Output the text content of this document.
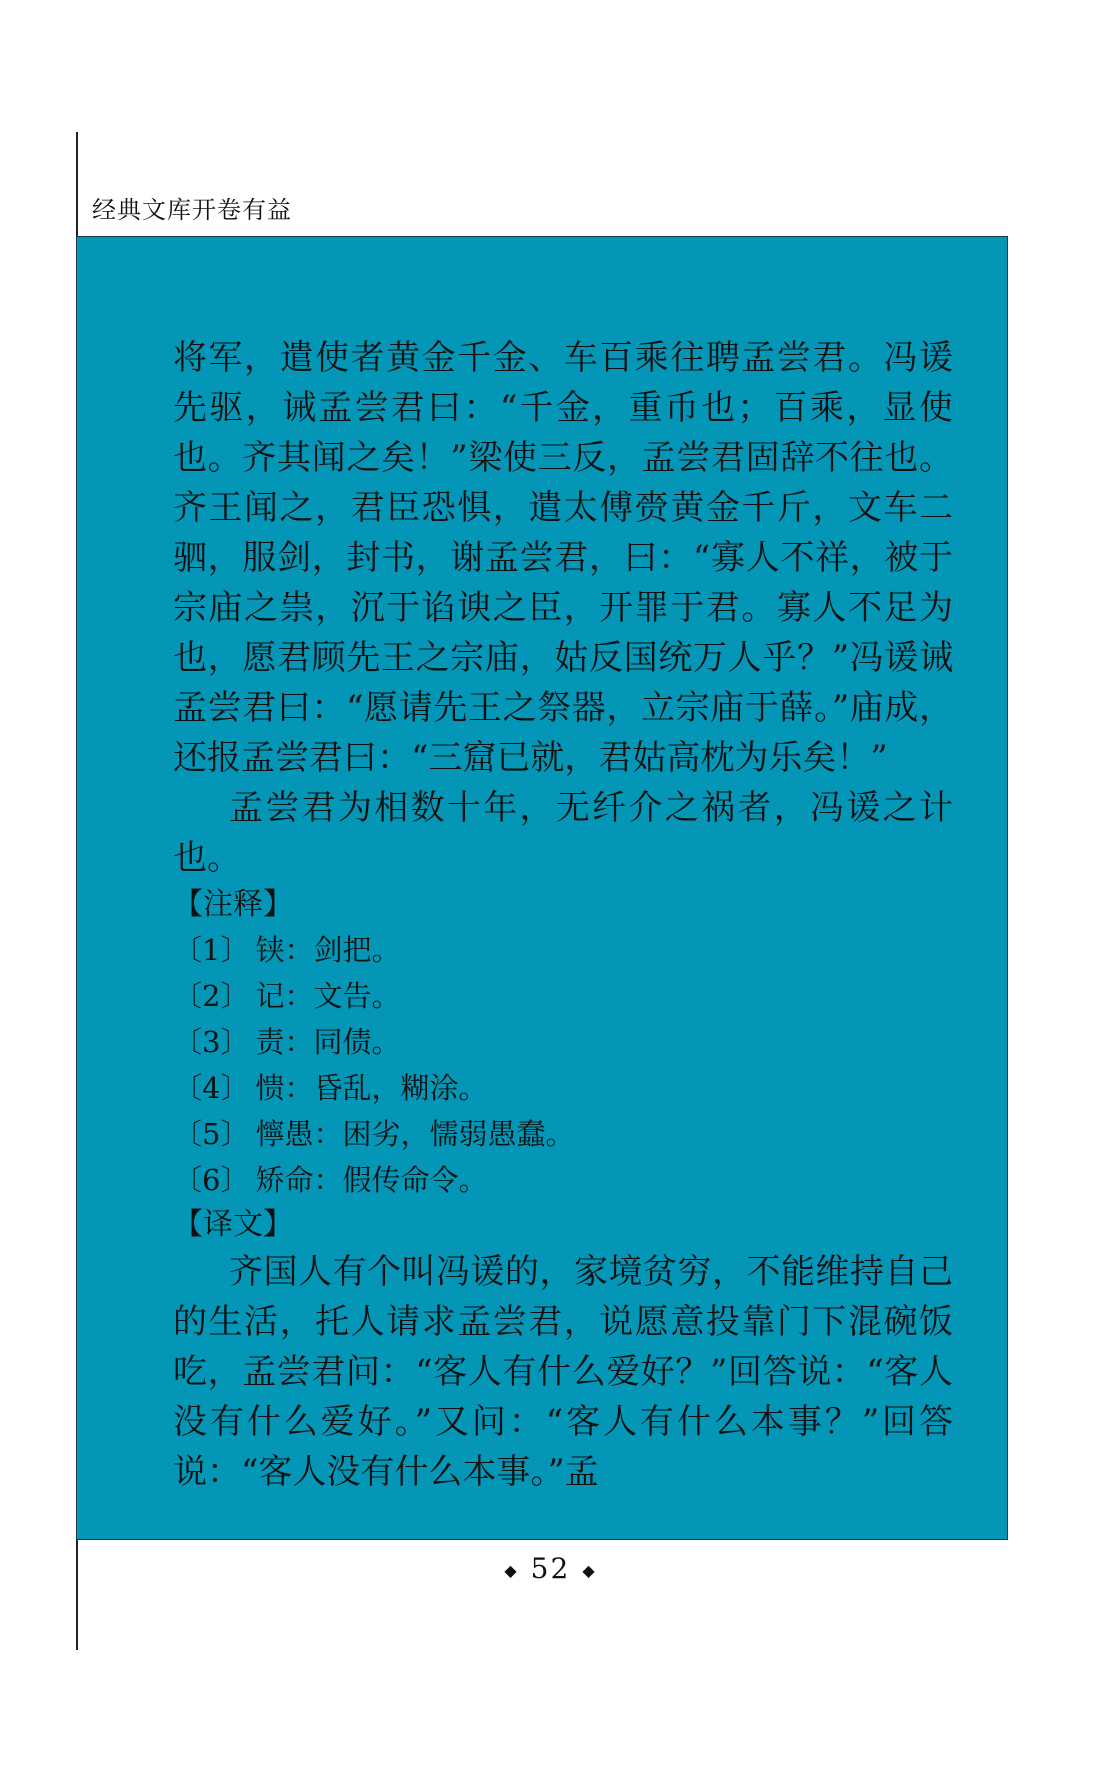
经典文库开卷有益

将军，遣使者黄金千金、车百乘往聘孟尝君。冯谖先驱，诫孟尝君曰：“千金，重币也；百乘，显使也。齐其闻之矣！”梁使三反，孟尝君固辞不往也。齐王闻之，君臣恐惧，遣太傅赍黄金千斤，文车二驷，服剑，封书，谢孟尝君，曰：“寡人不祥，被于宗庙之祟，沉于谄谀之臣，开罪于君。寡人不足为也，愿君顾先王之宗庙，姑反国统万人乎？”冯谖诫孟尝君曰：“愿请先王之祭器，立宗庙于薛。”庙成，还报孟尝君曰：“三窟已就，君姑高枕为乐矣！”

孟尝君为相数十年，无纤介之祸者，冯谖之计也。

【注释】

〔1〕 铗：剑把。

〔2〕 记：文告。

〔3〕 责：同债。

〔4〕 愦：昏乱，糊涂。

〔5〕 懧愚：困劣，懦弱愚蠢。

〔6〕 矫命：假传命令。

【译文】

齐国人有个叫冯谖的，家境贫穷，不能维持自己的生活，托人请求孟尝君，说愿意投靠门下混碗饭吃，孟尝君问：“客人有什么爱好？”回答说：“客人没有什么爱好。”又问：“客人有什么本事？”回答说：“客人没有什么本事。”孟

◆ 52 ◆
